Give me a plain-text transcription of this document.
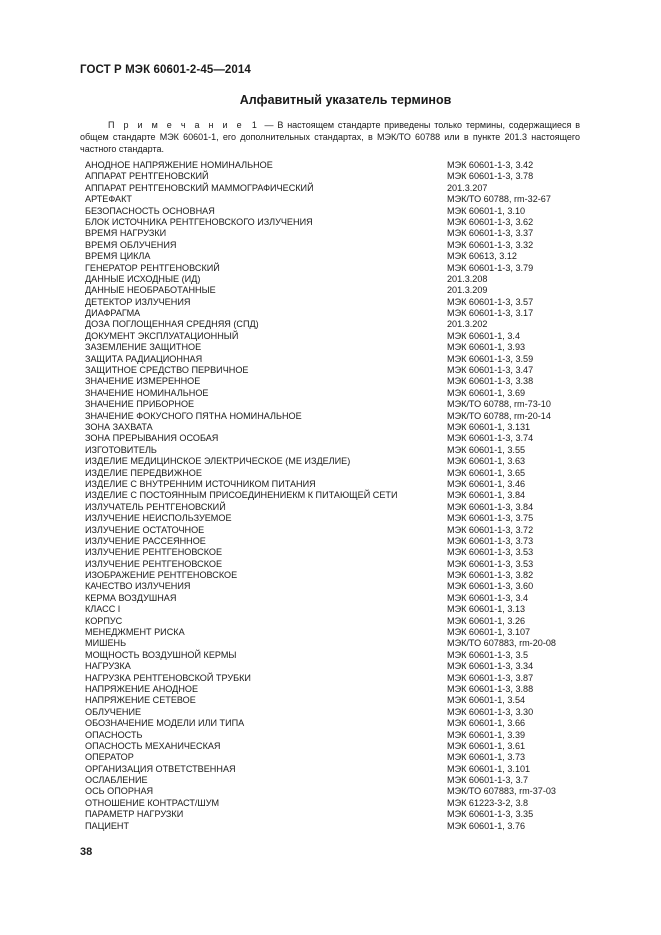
ГОСТ Р МЭК 60601-2-45—2014
Алфавитный указатель терминов
П р и м е ч а н и е 1 — В настоящем стандарте приведены только термины, содержащиеся в общем стандарте МЭК 60601-1, его дополнительных стандартах, в МЭК/ТО 60788 или в пункте 201.3 настоящего частного стандарта.
АНОДНОЕ НАПРЯЖЕНИЕ НОМИНАЛЬНОЕ	МЭК 60601-1-3, 3.42
АППАРАТ РЕНТГЕНОВСКИЙ	МЭК 60601-1-3, 3.78
АППАРАТ РЕНТГЕНОВСКИЙ МАММОГРАФИЧЕСКИЙ	201.3.207
АРТЕФАКТ	МЭК/ТО 60788, rm-32-67
БЕЗОПАСНОСТЬ ОСНОВНАЯ	МЭК 60601-1, 3.10
БЛОК ИСТОЧНИКА РЕНТГЕНОВСКОГО ИЗЛУЧЕНИЯ	МЭК 60601-1-3, 3.62
ВРЕМЯ НАГРУЗКИ	МЭК 60601-1-3, 3.37
ВРЕМЯ ОБЛУЧЕНИЯ	МЭК 60601-1-3, 3.32
ВРЕМЯ ЦИКЛА	МЭК 60613, 3.12
ГЕНЕРАТОР РЕНТГЕНОВСКИЙ	МЭК 60601-1-3, 3.79
ДАННЫЕ ИСХОДНЫЕ (ИД)	201.3.208
ДАННЫЕ НЕОБРАБОТАННЫЕ	201.3.209
ДЕТЕКТОР ИЗЛУЧЕНИЯ	МЭК 60601-1-3, 3.57
ДИАФРАГМА	МЭК 60601-1-3, 3.17
ДОЗА ПОГЛОЩЕННАЯ СРЕДНЯЯ (СПД)	201.3.202
ДОКУМЕНТ ЭКСПЛУАТАЦИОННЫЙ	МЭК 60601-1, 3.4
ЗАЗЕМЛЕНИЕ ЗАЩИТНОЕ	МЭК 60601-1, 3.93
ЗАЩИТА РАДИАЦИОННАЯ	МЭК 60601-1-3, 3.59
ЗАЩИТНОЕ СРЕДСТВО ПЕРВИЧНОЕ	МЭК 60601-1-3, 3.47
ЗНАЧЕНИЕ ИЗМЕРЕННОЕ	МЭК 60601-1-3, 3.38
ЗНАЧЕНИЕ НОМИНАЛЬНОЕ	МЭК 60601-1, 3.69
ЗНАЧЕНИЕ ПРИБОРНОЕ	МЭК/ТО 60788, rm-73-10
ЗНАЧЕНИЕ ФОКУСНОГО ПЯТНА НОМИНАЛЬНОЕ	МЭК/ТО 60788, rm-20-14
ЗОНА ЗАХВАТА	МЭК 60601-1, 3.131
ЗОНА ПРЕРЫВАНИЯ ОСОБАЯ	МЭК 60601-1-3, 3.74
ИЗГОТОВИТЕЛЬ	МЭК 60601-1, 3.55
ИЗДЕЛИЕ МЕДИЦИНСКОЕ ЭЛЕКТРИЧЕСКОЕ (МЕ ИЗДЕЛИЕ)	МЭК 60601-1, 3.63
ИЗДЕЛИЕ ПЕРЕДВИЖНОЕ	МЭК 60601-1, 3.65
ИЗДЕЛИЕ С ВНУТРЕННИМ ИСТОЧНИКОМ ПИТАНИЯ	МЭК 60601-1, 3.46
ИЗДЕЛИЕ С ПОСТОЯННЫМ ПРИСОЕДИНЕНИЕКМ К ПИТАЮЩЕЙ СЕТИ	МЭК 60601-1, 3.84
ИЗЛУЧАТЕЛЬ РЕНТГЕНОВСКИЙ	МЭК 60601-1-3, 3.84
ИЗЛУЧЕНИЕ НЕИСПОЛЬЗУЕМОЕ	МЭК 60601-1-3, 3.75
ИЗЛУЧЕНИЕ ОСТАТОЧНОЕ	МЭК 60601-1-3, 3.72
ИЗЛУЧЕНИЕ РАССЕЯННОЕ	МЭК 60601-1-3, 3.73
ИЗЛУЧЕНИЕ РЕНТГЕНОВСКОЕ	МЭК 60601-1-3, 3.53
ИЗЛУЧЕНИЕ РЕНТГЕНОВСКОЕ	МЭК 60601-1-3, 3.53
ИЗОБРАЖЕНИЕ РЕНТГЕНОВСКОЕ	МЭК 60601-1-3, 3.82
КАЧЕСТВО ИЗЛУЧЕНИЯ	МЭК 60601-1-3, 3.60
КЕРМА ВОЗДУШНАЯ	МЭК 60601-1-3, 3.4
КЛАСС I	МЭК 60601-1, 3.13
КОРПУС	МЭК 60601-1, 3.26
МЕНЕДЖМЕНТ РИСКА	МЭК 60601-1, 3.107
МИШЕНЬ	МЭК/ТО 607883, rm-20-08
МОЩНОСТЬ ВОЗДУШНОЙ КЕРМЫ	МЭК 60601-1-3, 3.5
НАГРУЗКА	МЭК 60601-1-3, 3.34
НАГРУЗКА РЕНТГЕНОВСКОЙ ТРУБКИ	МЭК 60601-1-3, 3.87
НАПРЯЖЕНИЕ АНОДНОЕ	МЭК 60601-1-3, 3.88
НАПРЯЖЕНИЕ СЕТЕВОЕ	МЭК 60601-1, 3.54
ОБЛУЧЕНИЕ	МЭК 60601-1-3, 3.30
ОБОЗНАЧЕНИЕ МОДЕЛИ ИЛИ ТИПА	МЭК 60601-1, 3.66
ОПАСНОСТЬ	МЭК 60601-1, 3.39
ОПАСНОСТЬ МЕХАНИЧЕСКАЯ	МЭК 60601-1, 3.61
ОПЕРАТОР	МЭК 60601-1, 3.73
ОРГАНИЗАЦИЯ ОТВЕТСТВЕННАЯ	МЭК 60601-1, 3.101
ОСЛАБЛЕНИЕ	МЭК 60601-1-3, 3.7
ОСЬ ОПОРНАЯ	МЭК/ТО 607883, rm-37-03
ОТНОШЕНИЕ КОНТРАСТ/ШУМ	МЭК 61223-3-2, 3.8
ПАРАМЕТР НАГРУЗКИ	МЭК 60601-1-3, 3.35
ПАЦИЕНТ	МЭК 60601-1, 3.76
38
